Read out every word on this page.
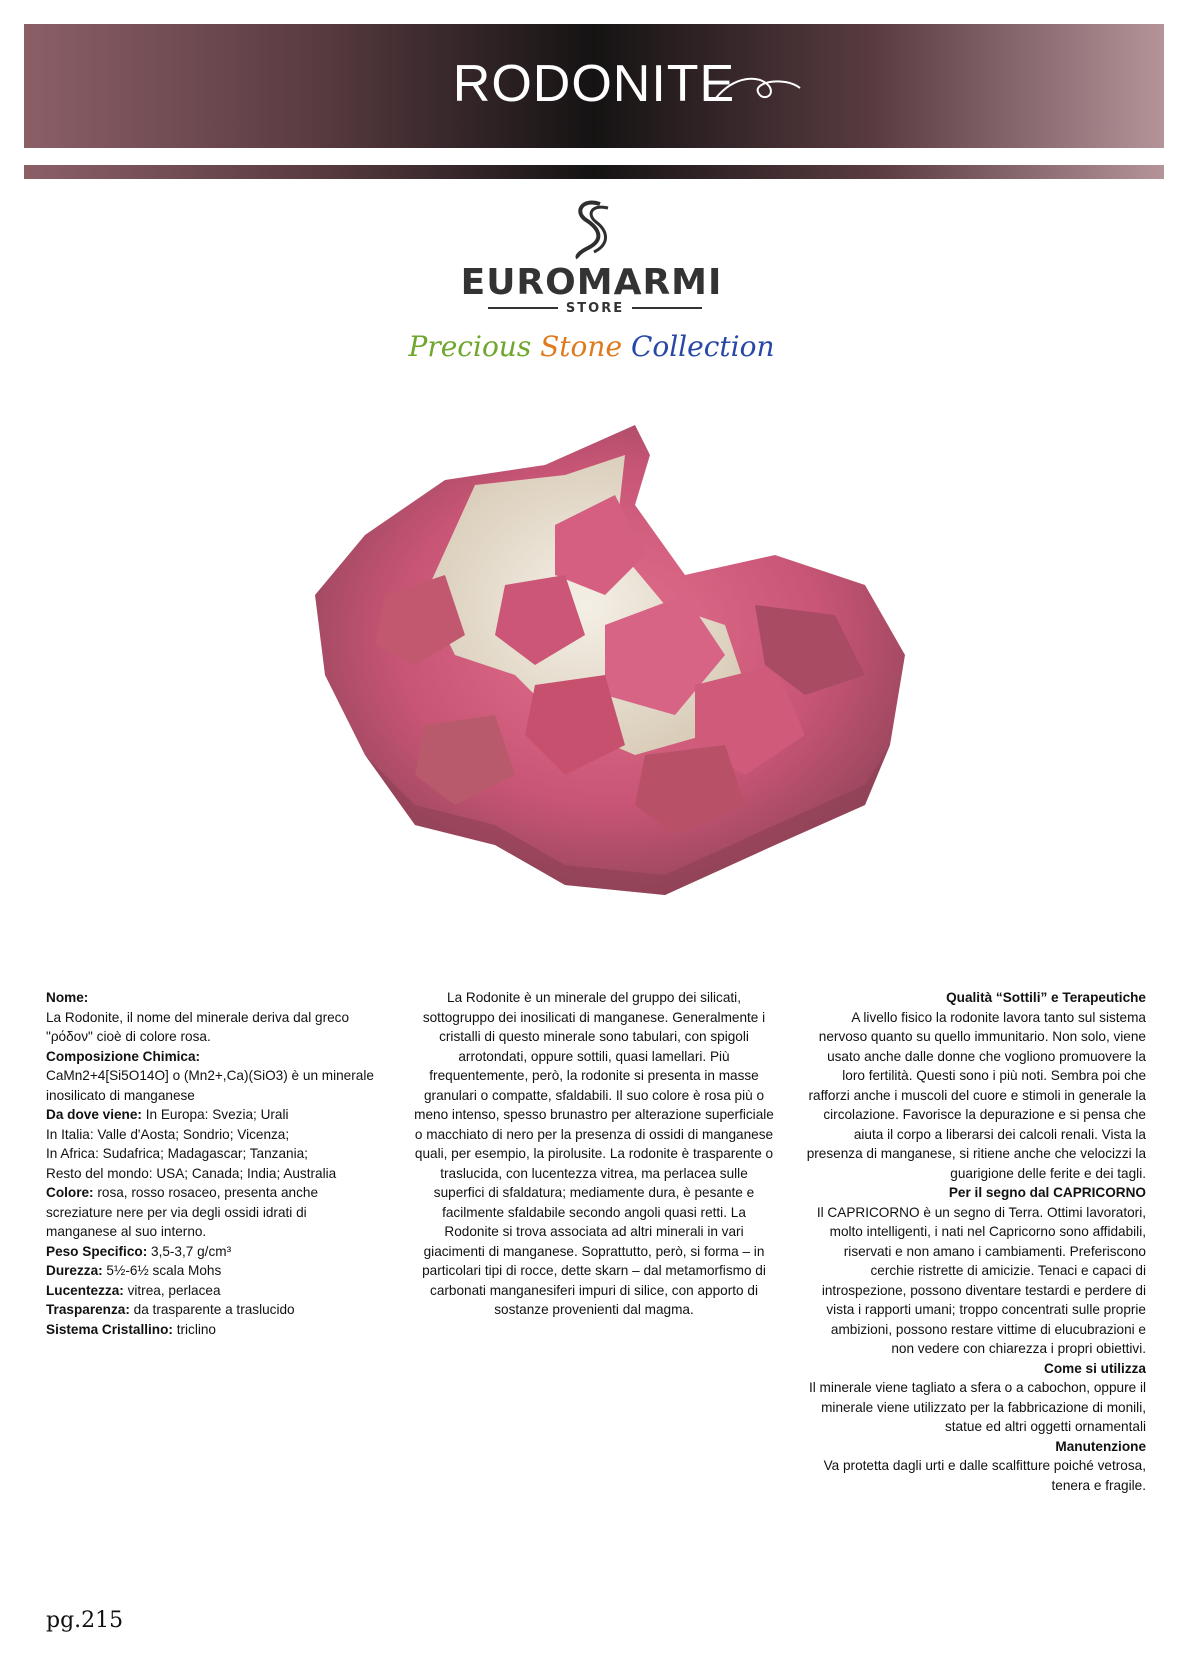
RODONITE
EUROMARMI
STORE
Precious Stone Collection

Nome:

La Rodonite, il nome del minerale deriva dal greco "ρόδον" cioè di colore rosa.

Composizione Chimica:

CaMn2+4[Si5O14O] o (Mn2+,Ca)(SiO3) è un minerale inosilicato di manganese

Da dove viene: In Europa: Svezia; Urali

In Italia: Valle d'Aosta; Sondrio; Vicenza;

In Africa: Sudafrica; Madagascar; Tanzania;

Resto del mondo: USA; Canada; India; Australia

Colore: rosa, rosso rosaceo, presenta anche screziature nere per via degli ossidi idrati di manganese al suo interno.

Peso Specifico: 3,5-3,7 g/cm³

Durezza: 5½-6½ scala Mohs

Lucentezza: vitrea, perlacea

Trasparenza: da trasparente a traslucido

Sistema Cristallino: triclino

La Rodonite è un minerale del gruppo dei silicati, sottogruppo dei inosilicati di manganese. Generalmente i cristalli di questo minerale sono tabulari, con spigoli arrotondati, oppure sottili, quasi lamellari. Più frequentemente, però, la rodonite si presenta in masse granulari o compatte, sfaldabili. Il suo colore è rosa più o meno intenso, spesso brunastro per alterazione superficiale o macchiato di nero per la presenza di ossidi di manganese quali, per esempio, la pirolusite. La rodonite è trasparente o traslucida, con lucentezza vitrea, ma perlacea sulle superfici di sfaldatura; mediamente dura, è pesante e facilmente sfaldabile secondo angoli quasi retti. La Rodonite si trova associata ad altri minerali in vari giacimenti di manganese. Soprattutto, però, si forma – in particolari tipi di rocce, dette skarn – dal metamorfismo di carbonati manganesiferi impuri di silice, con apporto di sostanze provenienti dal magma.

Qualità “Sottili” e Terapeutiche

A livello fisico la rodonite lavora tanto sul sistema nervoso quanto su quello immunitario. Non solo, viene usato anche dalle donne che vogliono promuovere la loro fertilità. Questi sono i più noti. Sembra poi che rafforzi anche i muscoli del cuore e stimoli in generale la circolazione. Favorisce la depurazione e si pensa che aiuta il corpo a liberarsi dei calcoli renali. Vista la presenza di manganese, si ritiene anche che velocizzi la guarigione delle ferite e dei tagli.

Per il segno dal CAPRICORNO

Il CAPRICORNO è un segno di Terra. Ottimi lavoratori, molto intelligenti, i nati nel Capricorno sono affidabili, riservati e non amano i cambiamenti. Preferiscono cerchie ristrette di amicizie. Tenaci e capaci di introspezione, possono diventare testardi e perdere di vista i rapporti umani; troppo concentrati sulle proprie ambizioni, possono restare vittime di elucubrazioni e non vedere con chiarezza i propri obiettivi.

Come si utilizza

Il minerale viene tagliato a sfera o a cabochon, oppure il minerale viene utilizzato per la fabbricazione di monili, statue ed altri oggetti ornamentali

Manutenzione

Va protetta dagli urti e dalle scalfitture poiché vetrosa, tenera e fragile.

pg.215
